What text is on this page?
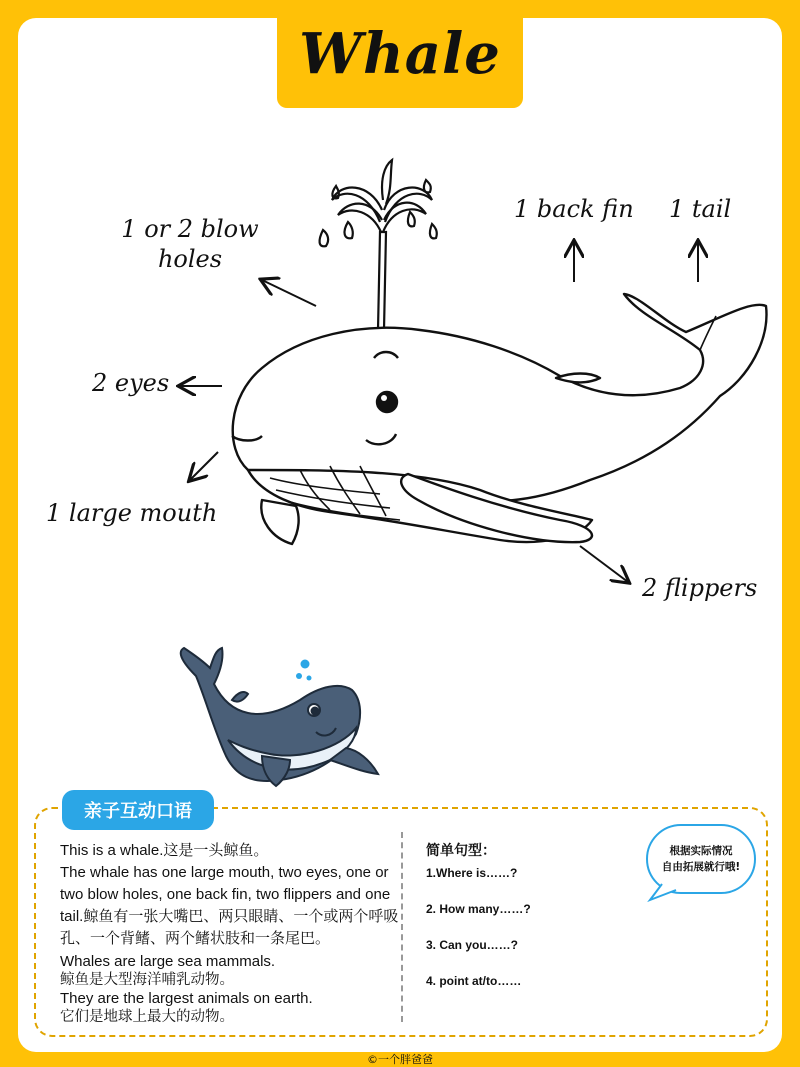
Whale
1 or 2 blow
holes
2 eyes
1 large mouth
1 back fin 1 tail
2 flippers
亲子互动口语

This is a whale.这是一头鲸鱼。

The whale has one large mouth, two eyes, one or two blow holes, one back fin, two flippers and one tail.鲸鱼有一张大嘴巴、两只眼睛、一个或两个呼吸孔、一个背鳍、两个鳍状肢和一条尾巴。

Whales are large sea mammals.

鲸鱼是大型海洋哺乳动物。

They are the largest animals on earth.

它们是地球上最大的动物。

简单句型：
1.Where is……?
2. How many……?
3. Can you……?
4. point at/to……
根据实际情况
自由拓展就行哦!
©一个胖爸爸
